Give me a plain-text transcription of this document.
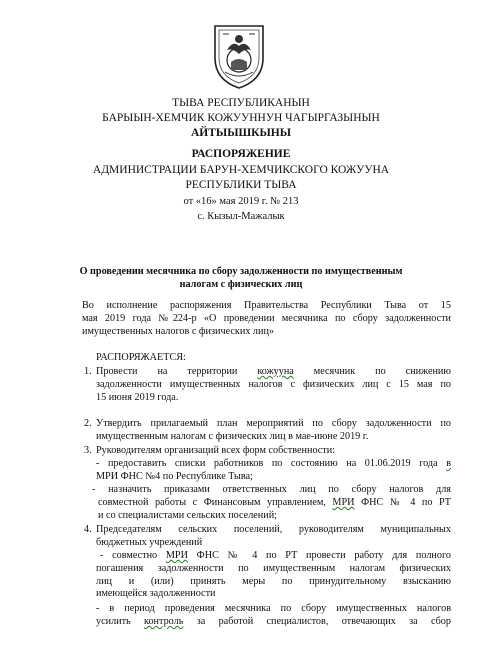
ТЫВА РЕСПУБЛИКАНЫН
БАРЫЫН-ХЕМЧИК КОЖУУННУН ЧАГЫРГАЗЫНЫН
АЙТЫЫШКЫНЫ
РАСПОРЯЖЕНИЕ
АДМИНИСТРАЦИИ БАРУН-ХЕМЧИКСКОГО КОЖУУНА
РЕСПУБЛИКИ ТЫВА
от «16» мая 2019 г. № 213
с. Кызыл-Мажалык
О проведении месячника по сбору задолженности по имущественным
налогам с физических лиц
Во исполнение распоряжения Правительства Республики Тыва от 15
мая 2019 года №224-р «О проведении месячника по сбору задолженности
имущественных налогов с физических лиц»
РАСПОРЯЖАЕТСЯ:
1. Провести на территории кожууна месячник по снижению
задолженности имущественных налогов с физических лиц с 15 мая по
15 июня 2019 года.
2. Утвердить прилагаемый план мероприятий по сбору задолженности по
имущественным налогам с физических лиц в мае-июне 2019 г.
3. Руководителям организаций всех форм собственности:
- предоставить списки работников по состоянию на 01.06.2019 года в
МРИ ФНС №4 по Республике Тыва;
- назначить приказами ответственных лиц по сбору налогов для
совместной работы с Финансовым управлением, МРИ ФНС № 4 по РТ
и со специалистами сельских поселений;
4. Председателям сельских поселений, руководителям муниципальных
бюджетных учреждений
- совместно МРИ ФНС № 4 по РТ провести работу для полного
погашения задолженности по имущественным налогам физических
лиц и (или) принять меры по принудительному взысканию
имеющейся задолженности
- в период проведения месячника по сбору имущественных налогов
усилить контроль за работой специалистов, отвечающих за сбор
